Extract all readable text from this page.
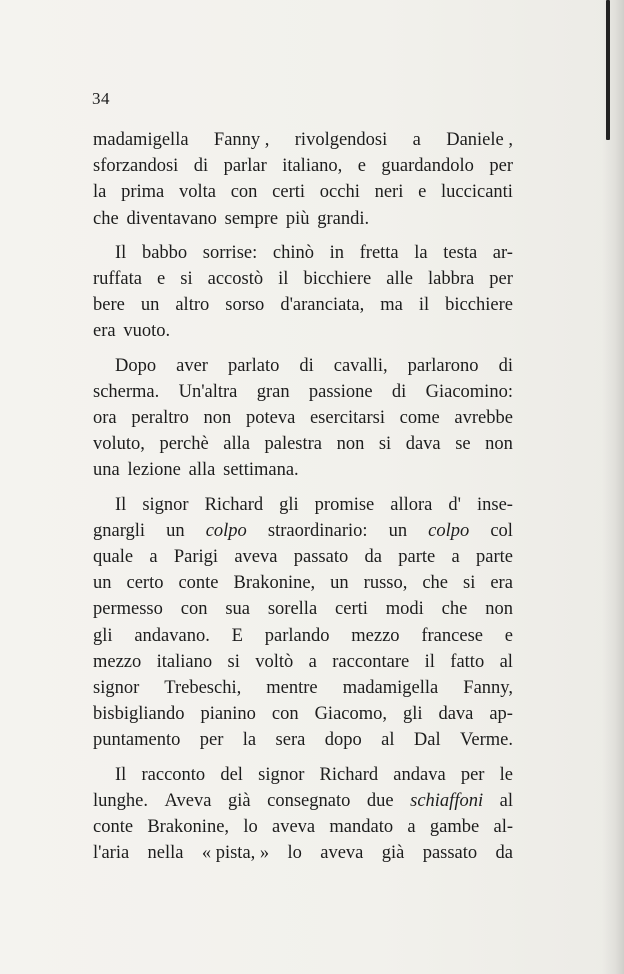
34
madamigella Fanny , rivolgendosi a Daniele ,
sforzandosi di parlar italiano, e guardandolo per
la prima volta con certi occhi neri e luccicanti
che diventavano sempre più grandi.
Il babbo sorrise: chinò in fretta la testa ar-
ruffata e si accostò il bicchiere alle labbra per
bere un altro sorso d'aranciata, ma il bicchiere
era vuoto.
Dopo aver parlato di cavalli, parlarono di
scherma. Un'altra gran passione di Giacomino:
ora peraltro non poteva esercitarsi come avrebbe
voluto, perchè alla palestra non si dava se non
una lezione alla settimana.
Il signor Richard gli promise allora d' inse-
gnargli un colpo straordinario: un colpo col
quale a Parigi aveva passato da parte a parte
un certo conte Brakonine, un russo, che si era
permesso con sua sorella certi modi che non
gli andavano. E parlando mezzo francese e
mezzo italiano si voltò a raccontare il fatto al
signor Trebeschi, mentre madamigella Fanny,
bisbigliando pianino con Giacomo, gli dava ap-
puntamento per la sera dopo al Dal Verme.
Il racconto del signor Richard andava per le
lunghe. Aveva già consegnato due schiaffoni al
conte Brakonine, lo aveva mandato a gambe al-
l'aria nella « pista, » lo aveva già passato da
